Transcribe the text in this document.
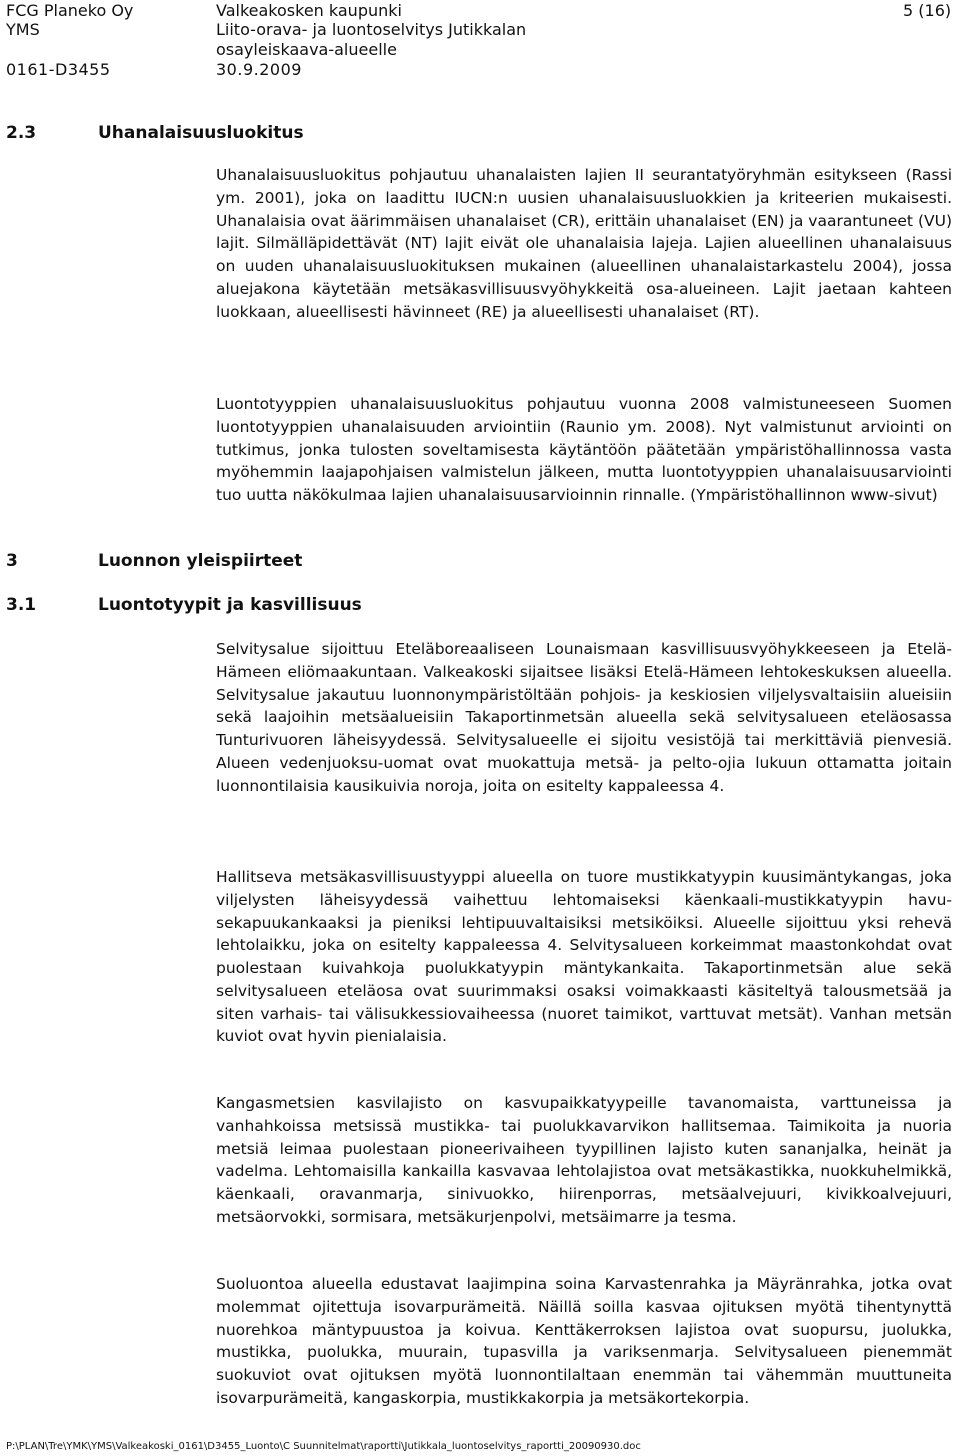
FCG Planeko Oy
YMS
0161-D3455
Valkeakosken kaupunki
Liito-orava- ja luontoselvitys Jutikkalan
osayleiskaava-alueelle
30.9.2009
5 (16)
2.3	Uhanalaisuusluokitus

Uhanalaisuusluokitus pohjautuu uhanalaisten lajien II seurantatyöryhmän esitykseen (Rassi ym. 2001), joka on laadittu IUCN:n uusien uhanalaisuusluokkien ja kriteerien mukaisesti. Uhanalaisia ovat äärimmäisen uhanalaiset (CR), erittäin uhanalaiset (EN) ja vaarantuneet (VU) lajit. Silmälläpidettävät (NT) lajit eivät ole uhanalaisia lajeja. Lajien alueellinen uhanalaisuus on uuden uhanalaisuusluokituksen mukainen (alueellinen uhanalaistarkastelu 2004), jossa aluejakona käytetään metsäkasvillisuusvyöhykkeitä osa-alueineen. Lajit jaetaan kahteen luokkaan, alueellisesti hävinneet (RE) ja alueellisesti uhanalaiset (RT).

Luontotyyppien uhanalaisuusluokitus pohjautuu vuonna 2008 valmistuneeseen Suomen luontotyyppien uhanalaisuuden arviointiin (Raunio ym. 2008). Nyt valmistunut arviointi on tutkimus, jonka tulosten soveltamisesta käytäntöön päätetään ympäristöhallinnossa vasta myöhemmin laajapohjaisen valmistelun jälkeen, mutta luontotyyppien uhanalaisuusarviointi tuo uutta näkökulmaa lajien uhanalaisuusarvioinnin rinnalle. (Ympäristöhallinnon www-sivut)

3	Luonnon yleispiirteet
3.1	Luontotyypit ja kasvillisuus

Selvitysalue sijoittuu Eteläboreaaliseen Lounaismaan kasvillisuusvyöhykkeeseen ja Etelä-Hämeen eliömaakuntaan. Valkeakoski sijaitsee lisäksi Etelä-Hämeen lehtokeskuksen alueella. Selvitysalue jakautuu luonnonympäristöltään pohjois- ja keskiosien viljelysvaltaisiin alueisiin sekä laajoihin metsäalueisiin Takaportinmetsän alueella sekä selvitysalueen eteläosassa Tunturivuoren läheisyydessä. Selvitysalueelle ei sijoitu vesistöjä tai merkittäviä pienvesiä. Alueen vedenjuoksu-uomat ovat muokattuja metsä- ja pelto-ojia lukuun ottamatta joitain luonnontilaisia kausikuivia noroja, joita on esitelty kappaleessa 4.

Hallitseva metsäkasvillisuustyyppi alueella on tuore mustikkatyypin kuusimäntykangas, joka viljelysten läheisyydessä vaihettuu lehtomaiseksi käenkaali-mustikkatyypin havu-sekapuukankaaksi ja pieniksi lehtipuuvaltaisiksi metsiköiksi. Alueelle sijoittuu yksi rehevä lehtolaikku, joka on esitelty kappaleessa 4. Selvitysalueen korkeimmat maastonkohdat ovat puolestaan kuivahkoja puolukkatyypin mäntykankaita. Takaportinmetsän alue sekä selvitysalueen eteläosa ovat suurimmaksi osaksi voimakkaasti käsiteltyä talousmetsää ja siten varhais- tai välisukkessiovaiheessa (nuoret taimikot, varttuvat metsät). Vanhan metsän kuviot ovat hyvin pienialaisia.

Kangasmetsien kasvilajisto on kasvupaikkatyypeille tavanomaista, varttuneissa ja vanhahkoissa metsissä mustikka- tai puolukkavarvikon hallitsemaa. Taimikoita ja nuoria metsiä leimaa puolestaan pioneerivaiheen tyypillinen lajisto kuten sananjalka, heinät ja vadelma. Lehtomaisilla kankailla kasvavaa lehtolajistoa ovat metsäkastikka, nuokkuhelmikkä, käenkaali, oravanmarja, sinivuokko, hiirenporras, metsäalvejuuri, kivikkoalvejuuri, metsäorvokki, sormisara, metsäkurjenpolvi, metsäimarre ja tesma.

Suoluontoa alueella edustavat laajimpina soina Karvastenrahka ja Mäyränrahka, jotka ovat molemmat ojitettuja isovarpurämeitä. Näillä soilla kasvaa ojituksen myötä tihentynyttä nuorehkoa mäntypuustoa ja koivua. Kenttäkerroksen lajistoa ovat suopursu, juolukka, mustikka, puolukka, muurain, tupasvilla ja variksenmarja. Selvitysalueen pienemmät suokuviot ovat ojituksen myötä luonnontilaltaan enemmän tai vähemmän muuttuneita isovarpurämeitä, kangaskorpia, mustikkakorpia ja metsäkortekorpia.

P:\PLAN\Tre\YMK\YMS\Valkeakoski_0161\D3455_Luonto\C Suunnitelmat\raportti\Jutikkala_luontoselvitys_raportti_20090930.doc
